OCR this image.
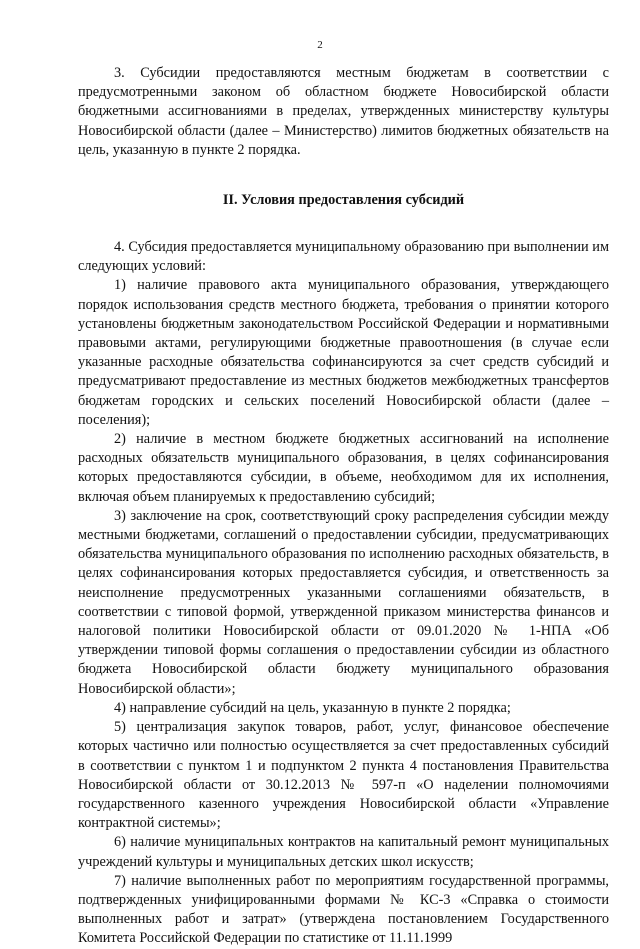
2

3. Субсидии предоставляются местным бюджетам в соответствии с предусмотренными законом об областном бюджете Новосибирской области бюджетными ассигнованиями в пределах, утвержденных министерству культуры Новосибирской области (далее – Министерство) лимитов бюджетных обязательств на цель, указанную в пункте 2 порядка.

II. Условия предоставления субсидий

4. Субсидия предоставляется муниципальному образованию при выполнении им следующих условий:

1) наличие правового акта муниципального образования, утверждающего порядок использования средств местного бюджета, требования о принятии которого установлены бюджетным законодательством Российской Федерации и нормативными правовыми актами, регулирующими бюджетные правоотношения (в случае если указанные расходные обязательства софинансируются за счет средств субсидий и предусматривают предоставление из местных бюджетов межбюджетных трансфертов бюджетам городских и сельских поселений Новосибирской области (далее – поселения);

2) наличие в местном бюджете бюджетных ассигнований на исполнение расходных обязательств муниципального образования, в целях софинансирования которых предоставляются субсидии, в объеме, необходимом для их исполнения, включая объем планируемых к предоставлению субсидий;

3) заключение на срок, соответствующий сроку распределения субсидии между местными бюджетами, соглашений о предоставлении субсидии, предусматривающих обязательства муниципального образования по исполнению расходных обязательств, в целях софинансирования которых предоставляется субсидия, и ответственность за неисполнение предусмотренных указанными соглашениями обязательств, в соответствии с типовой формой, утвержденной приказом министерства финансов и налоговой политики Новосибирской области от 09.01.2020 № 1-НПА «Об утверждении типовой формы соглашения о предоставлении субсидии из областного бюджета Новосибирской области бюджету муниципального образования Новосибирской области»;

4) направление субсидий на цель, указанную в пункте 2 порядка;

5) централизация закупок товаров, работ, услуг, финансовое обеспечение которых частично или полностью осуществляется за счет предоставленных субсидий в соответствии с пунктом 1 и подпунктом 2 пункта 4 постановления Правительства Новосибирской области от 30.12.2013 № 597-п «О наделении полномочиями государственного казенного учреждения Новосибирской области «Управление контрактной системы»;

6) наличие муниципальных контрактов на капитальный ремонт муниципальных учреждений культуры и муниципальных детских школ искусств;

7) наличие выполненных работ по мероприятиям государственной программы, подтвержденных унифицированными формами № КС-3 «Справка о стоимости выполненных работ и затрат» (утверждена постановлением Государственного Комитета Российской Федерации по статистике от 11.11.1999
